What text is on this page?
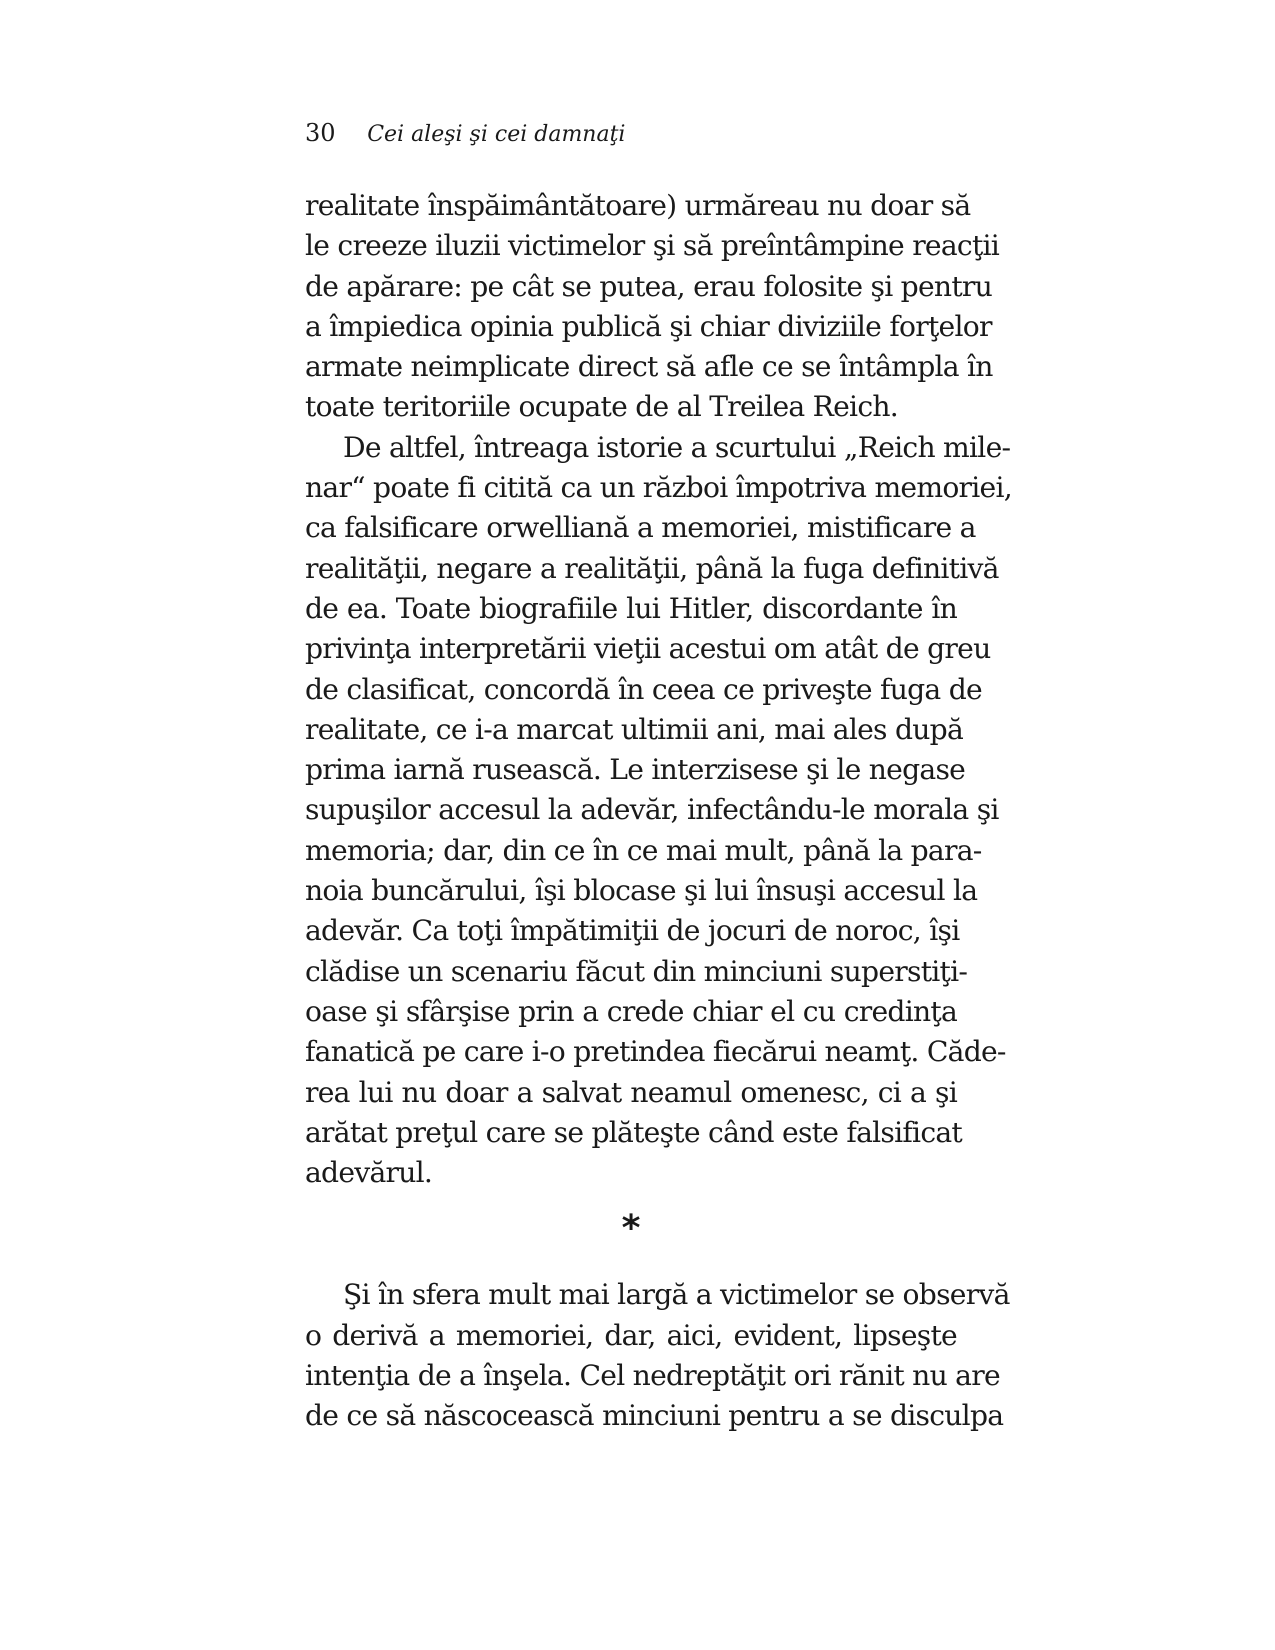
30 Cei aleşi şi cei damnaţi
realitate înspăimântătoare) urmăreau nu doar să
le creeze iluzii victimelor şi să preîntâmpine reacţii
de apărare: pe cât se putea, erau folosite şi pentru
a împiedica opinia publică şi chiar diviziile forţelor
armate neimplicate direct să afle ce se întâmpla în
toate teritoriile ocupate de al Treilea Reich.
De altfel, întreaga istorie a scurtului „Reich mile-
nar“ poate fi citită ca un război împotriva memoriei,
ca falsificare orwelliană a memoriei, mistificare a
realităţii, negare a realităţii, până la fuga definitivă
de ea. Toate biografiile lui Hitler, discordante în
privinţa interpretării vieţii acestui om atât de greu
de clasificat, concordă în ceea ce priveşte fuga de
realitate, ce i-a marcat ultimii ani, mai ales după
prima iarnă rusească. Le interzisese şi le negase
supuşilor accesul la adevăr, infectându-le morala şi
memoria; dar, din ce în ce mai mult, până la para-
noia buncărului, îşi blocase şi lui însuşi accesul la
adevăr. Ca toţi împătimiţii de jocuri de noroc, îşi
clădise un scenariu făcut din minciuni superstiţi-
oase şi sfârşise prin a crede chiar el cu credinţa
fanatică pe care i-o pretindea fiecărui neamţ. Căde-
rea lui nu doar a salvat neamul omenesc, ci a şi
arătat preţul care se plăteşte când este falsificat
adevărul.
*
Şi în sfera mult mai largă a victimelor se observă
o derivă a memoriei, dar, aici, evident, lipseşte
intenţia de a înşela. Cel nedreptăţit ori rănit nu are
de ce să născocească minciuni pentru a se disculpa
